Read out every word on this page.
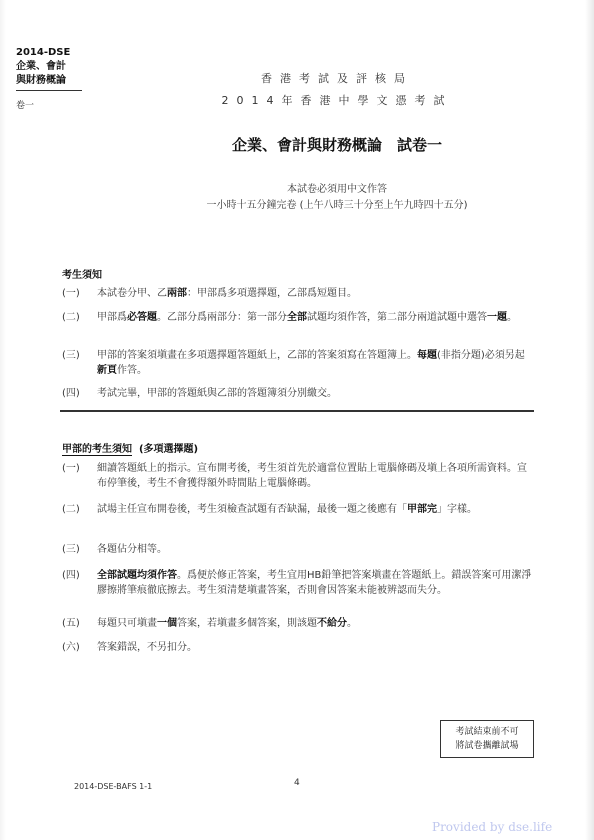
2014-DSE
企業、會計
與財務概論
卷一
香港考試及評核局
2014年香港中學文憑考試
企業、會計與財務概論　試卷一
本試卷必須用中文作答
一小時十五分鐘完卷 (上午八時三十分至上午九時四十五分)
考生須知
(一)	本試卷分甲、乙兩部：甲部爲多項選擇題，乙部爲短題目。
(二)	甲部爲必答題。乙部分爲兩部分：第一部分全部試題均須作答，第二部分兩道試題中選答一題。
(三)	甲部的答案須塡畫在多項選擇題答題紙上，乙部的答案須寫在答題簿上。每題(非指分題)必須另起新頁作答。
(四)	考試完畢，甲部的答題紙與乙部的答題簿須分別繳交。
甲部的考生須知 (多項選擇題)
(一)	細讀答題紙上的指示。宣布開考後，考生須首先於適當位置貼上電腦條碼及塡上各項所需資料。宣布停筆後，考生不會獲得額外時間貼上電腦條碼。
(二)	試場主任宣布開卷後，考生須檢查試題有否缺漏，最後一題之後應有「甲部完」字樣。
(三)	各題佔分相等。
(四)	全部試題均須作答。爲便於修正答案，考生宜用HB鉛筆把答案塡畫在答題紙上。錯誤答案可用潔淨膠擦將筆痕徹底擦去。考生須清楚塡畫答案，否則會因答案未能被辨認而失分。
(五)	每題只可塡畫一個答案，若塡畫多個答案，則該題不給分。
(六)	答案錯誤，不另扣分。
考試結束前不可
將試卷攜離試場
2014-DSE-BAFS 1-1	4
Provided by dse.life
